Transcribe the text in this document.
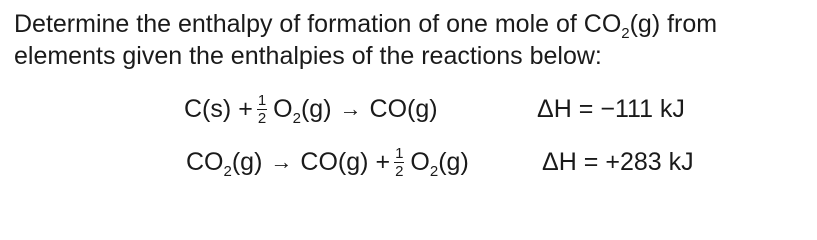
Determine the enthalpy of formation of one mole of $CO_2(g)$ from
elements given the enthalpies of the reactions below:

$C(s) + \frac{1}{2} O_2(g) \to CO(g)$	ΔH = −111 kJ
$CO_2(g) \to CO(g) + \frac{1}{2} O_2(g)$	ΔH = +283 kJ
